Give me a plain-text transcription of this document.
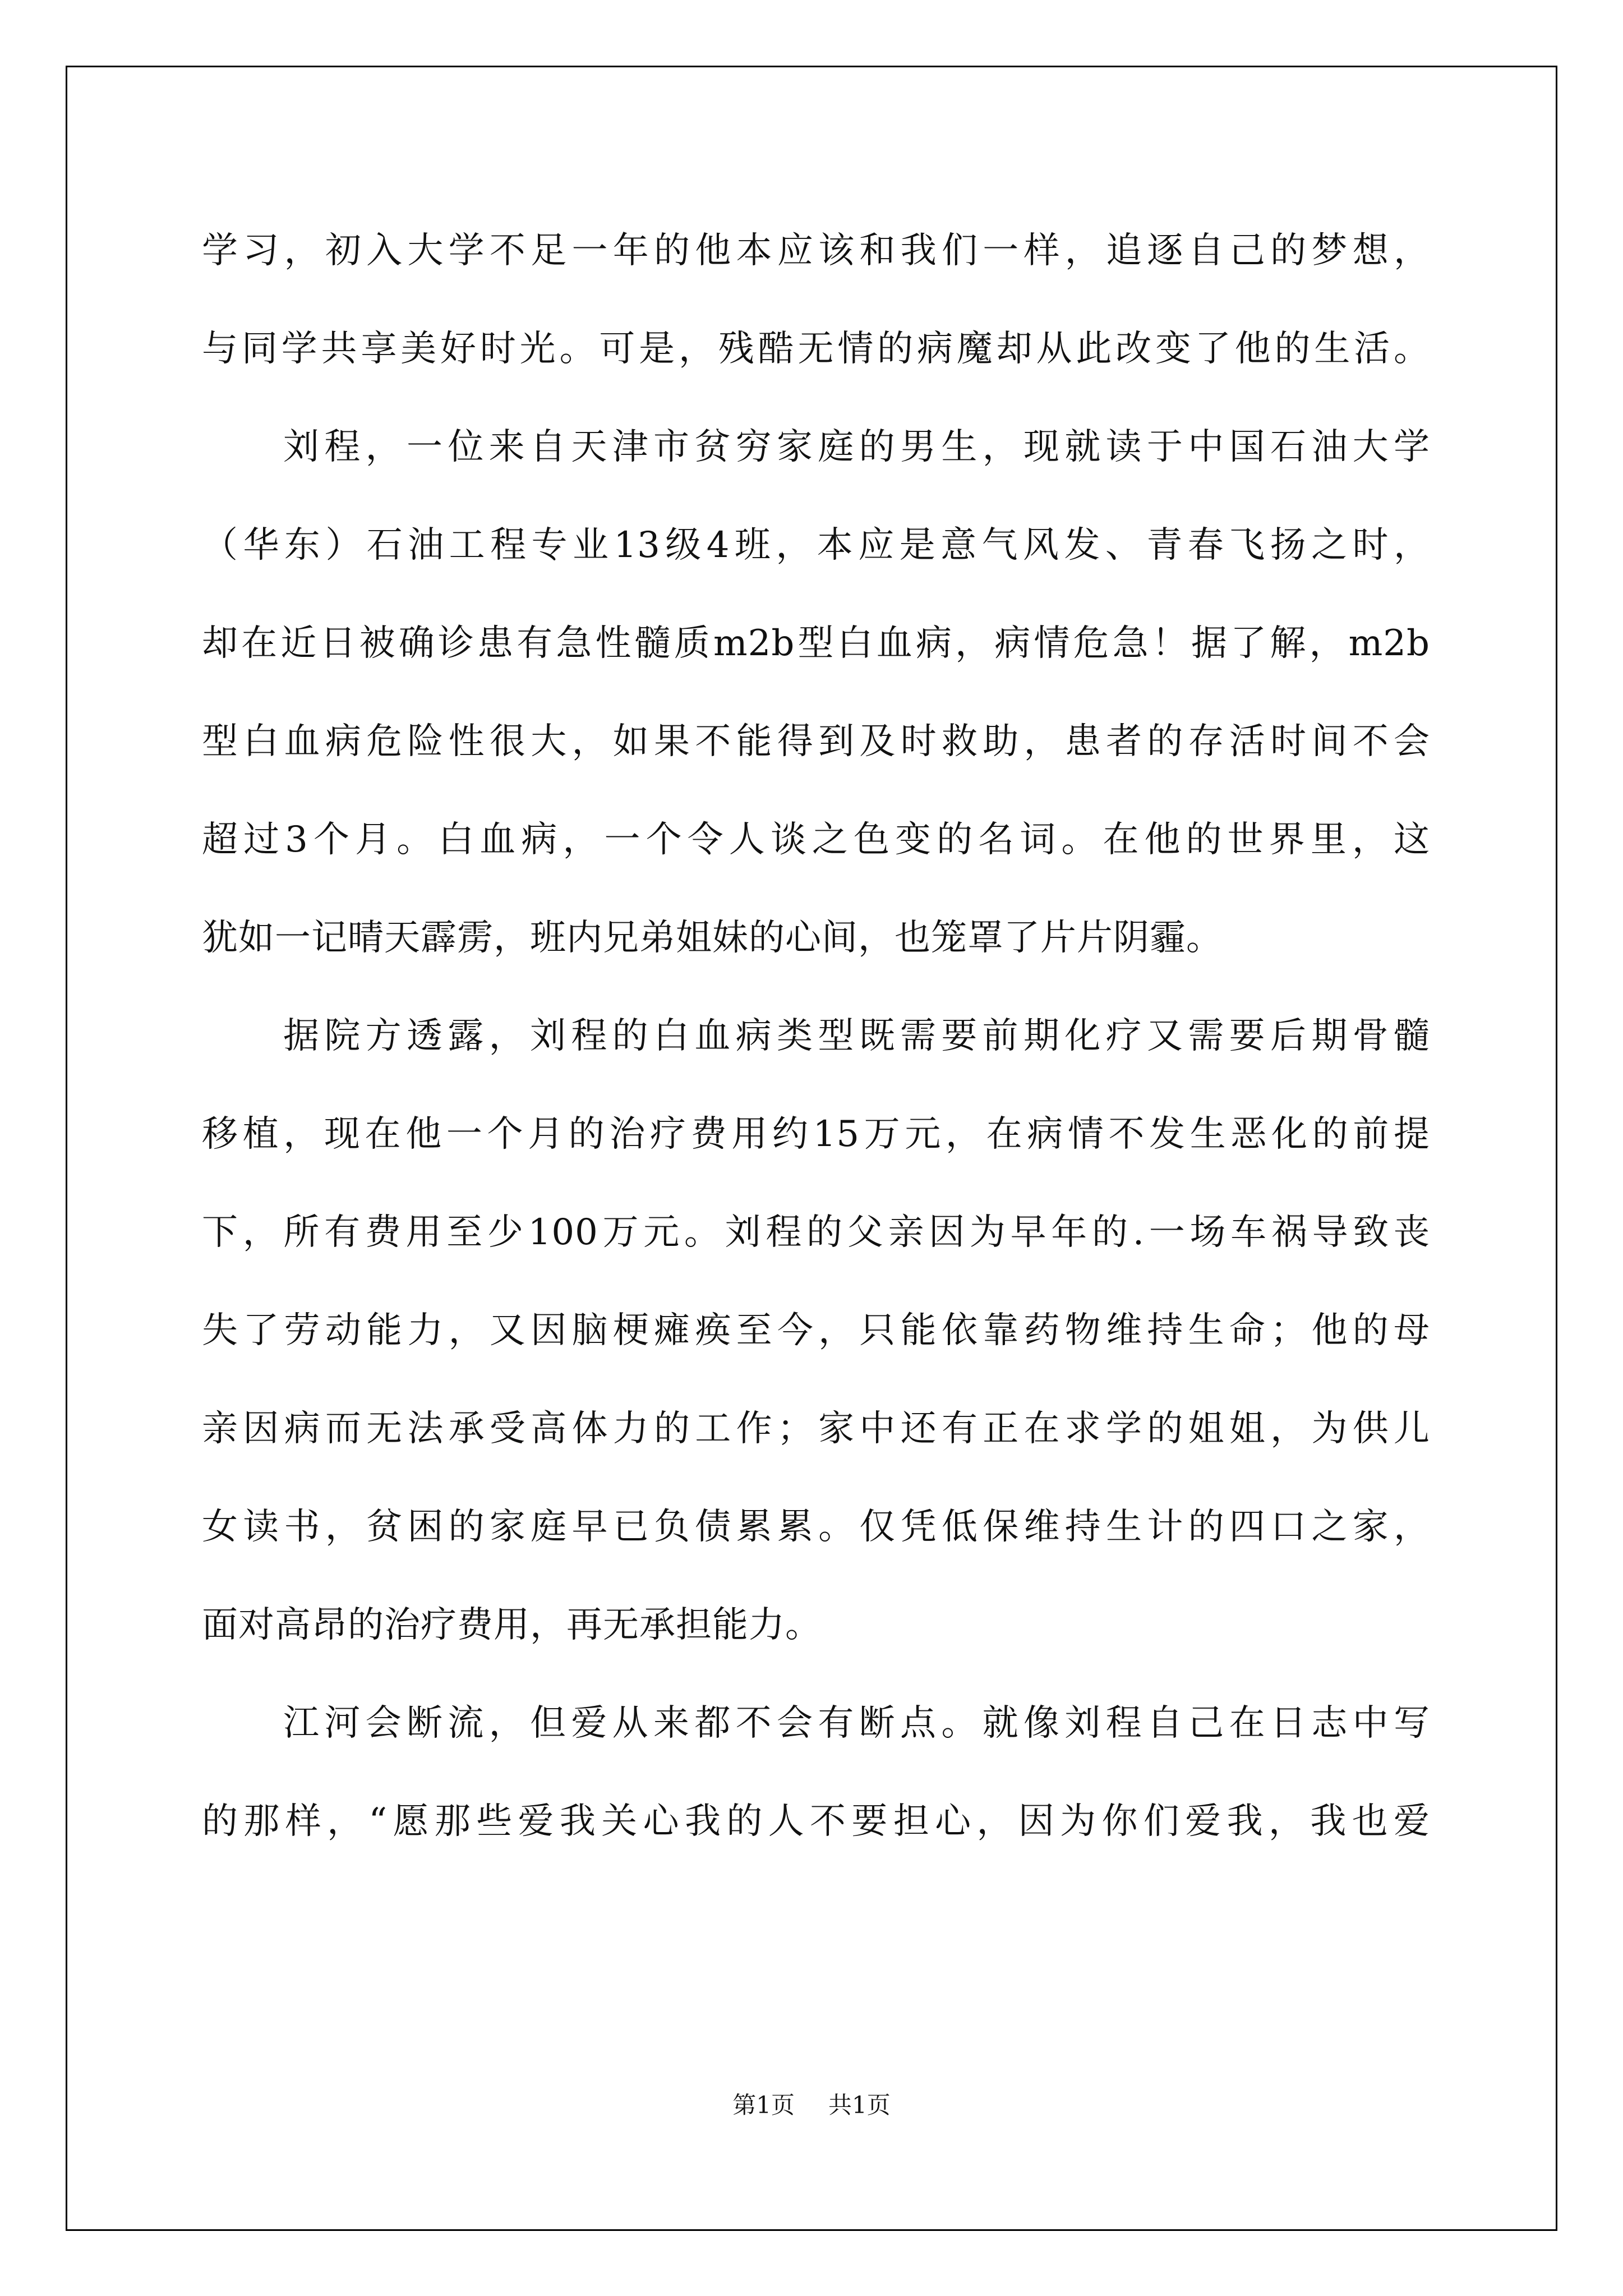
学习，初入大学不足一年的他本应该和我们一样，追逐自己的梦想，
与同学共享美好时光。可是，残酷无情的病魔却从此改变了他的生活。
刘程，一位来自天津市贫穷家庭的男生，现就读于中国石油大学
（华东）石油工程专业13级4班，本应是意气风发、青春飞扬之时，
却在近日被确诊患有急性髓质m2b型白血病，病情危急！据了解，m2b
型白血病危险性很大，如果不能得到及时救助，患者的存活时间不会
超过3个月。白血病，一个令人谈之色变的名词。在他的世界里，这
犹如一记晴天霹雳，班内兄弟姐妹的心间，也笼罩了片片阴霾。
据院方透露，刘程的白血病类型既需要前期化疗又需要后期骨髓
移植，现在他一个月的治疗费用约15万元，在病情不发生恶化的前提
下，所有费用至少100万元。刘程的父亲因为早年的.一场车祸导致丧
失了劳动能力，又因脑梗瘫痪至今，只能依靠药物维持生命；他的母
亲因病而无法承受高体力的工作；家中还有正在求学的姐姐，为供儿
女读书，贫困的家庭早已负债累累。仅凭低保维持生计的四口之家，
面对高昂的治疗费用，再无承担能力。
江河会断流，但爱从来都不会有断点。就像刘程自己在日志中写
的那样，“愿那些爱我关心我的人不要担心，因为你们爱我，我也爱
第1页 共1页
